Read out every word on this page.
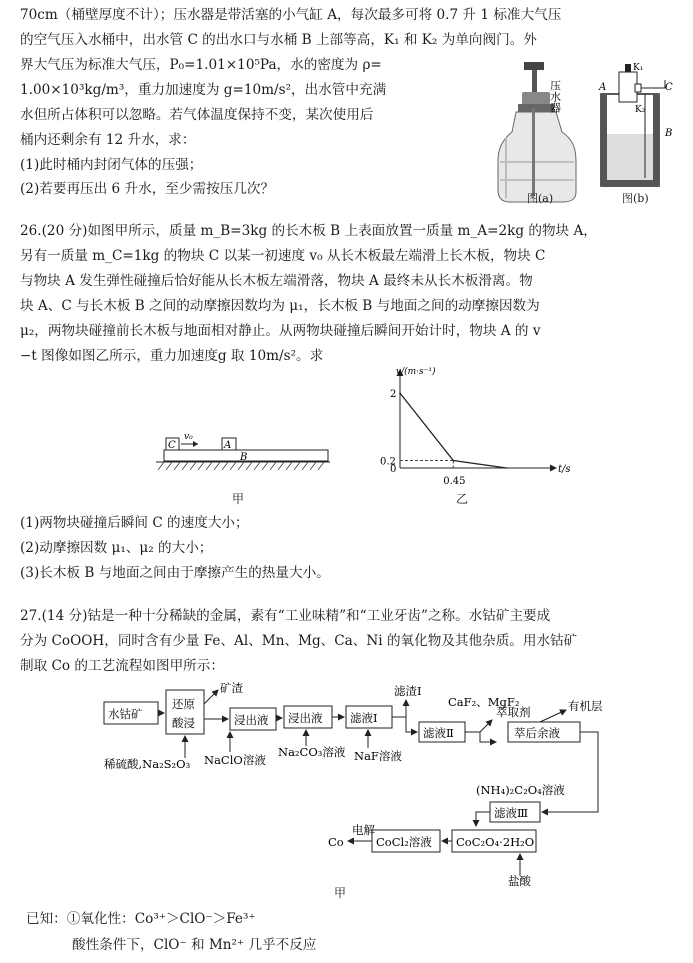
70cm（桶壁厚度不计）；压水器是带活塞的小气缸 A，每次最多可将 0.7 升 1 标准大气压
的空气压入水桶中，出水管 C 的出水口与水桶 B 上部等高，K₁ 和 K₂ 为单向阀门。外
界大气压为标准大气压，P₀=1.01×10⁵Pa，水的密度为 ρ=
1.00×10³kg/m³，重力加速度为 g=10m/s²，出水管中充满
水但所占体积可以忽略。若气体温度保持不变，某次使用后
桶内还剩余有 12 升水，求：
(1)此时桶内封闭气体的压强；
(2)若要再压出 6 升水，至少需按压几次？
压水器
图(a)
K₁
K₂
A
B
C
图(b)
26.(20 分)如图甲所示，质量 m_B=3kg 的长木板 B 上表面放置一质量 m_A=2kg 的物块 A，
另有一质量 m_C=1kg 的物块 C 以某一初速度 v₀ 从长木板最左端滑上长木板，物块 C
与物块 A 发生弹性碰撞后恰好能从长木板左端滑落，物块 A 最终未从长木板滑离。物
块 A、C 与长木板 B 之间的动摩擦因数均为 μ₁，长木板 B 与地面之间的动摩擦因数为
μ₂，两物块碰撞前长木板与地面相对静止。从两物块碰撞后瞬间开始计时，物块 A 的 v
−t 图像如图乙所示，重力加速度g 取 10m/s²。求
C
v₀
A
B
甲
v/(m·s⁻¹)
t/s
0
2
0.2
0.45
乙
(1)两物块碰撞后瞬间 C 的速度大小；
(2)动摩擦因数 μ₁、μ₂ 的大小；
(3)长木板 B 与地面之间由于摩擦产生的热量大小。
27.(14 分)钴是一种十分稀缺的金属，素有“工业味精”和“工业牙齿”之称。水钴矿主要成
分为 CoOOH，同时含有少量 Fe、Al、Mn、Mg、Ca、Ni 的氧化物及其他杂质。用水钴矿
制取 Co 的工艺流程如图甲所示：
水钴矿
还原
酸浸
矿渣
浸出液 浸出液 滤液Ⅰ
滤渣Ⅰ
滤液Ⅱ
CaF₂、MgF₂
萃取剂	有机层
萃后余液
(NH₄)₂C₂O₄溶液
滤液Ⅲ
CoC₂O₄·2H₂O
CoCl₂溶液
电解
Co
盐酸
稀硫酸,Na₂S₂O₃ NaClO溶液
Na₂CO₃溶液 NaF溶液
甲
已知：①氧化性：Co³⁺＞ClO⁻＞Fe³⁺
酸性条件下，ClO⁻ 和 Mn²⁺ 几乎不反应
